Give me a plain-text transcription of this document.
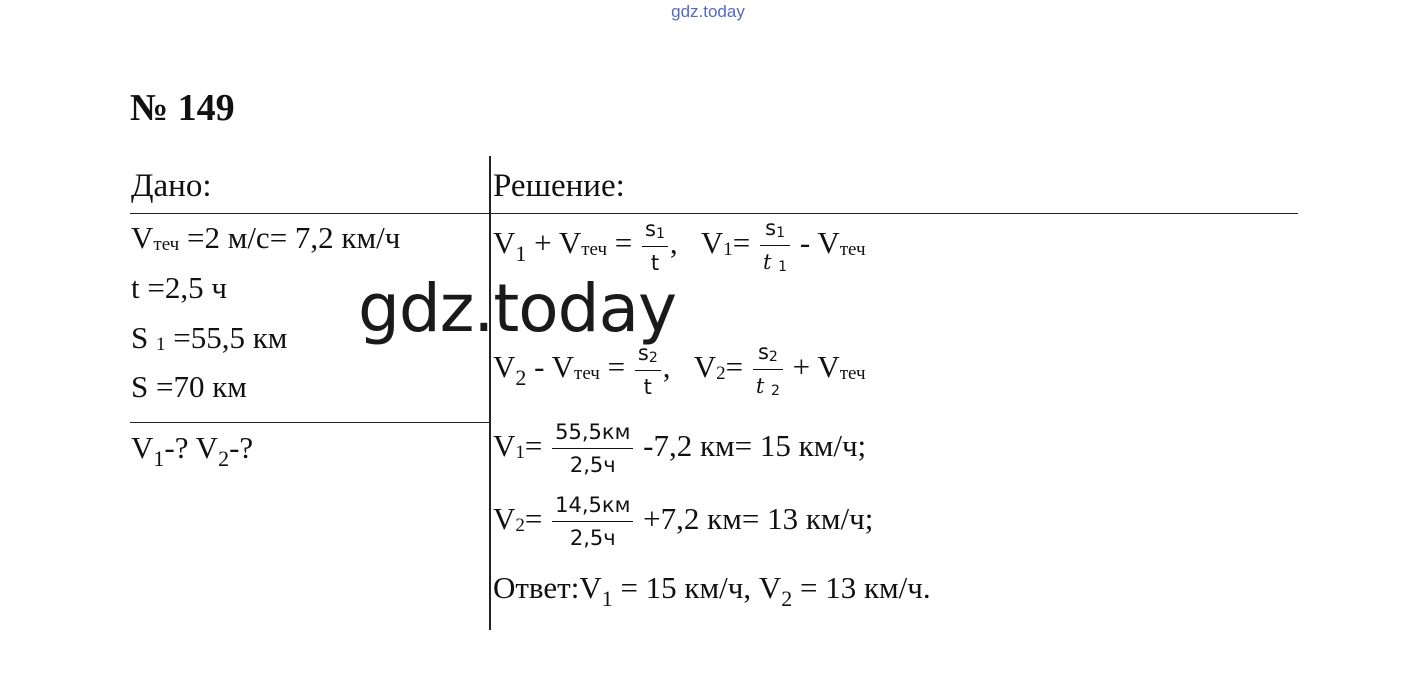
gdz.today
№ 149
Дано:
Vтеч =2 м/с= 7,2 км/ч
t =2,5 ч
S 1 =55,5 км
S =70 км
$V_1-$? $V_2-$?
Решение:
$V_1$ + Vтеч = $\frac{s1}{t}$ , $V1= \frac{s1}{t 1}$ - Vтеч
$V_2$ - Vтеч = $\frac{s2}{t}$ , $V2= \frac{s2}{t 2}$ + Vтеч
$V1= \frac{55,5км}{2,5ч} -7,2$ км= 15 км/ч;
$V2= \frac{14,5км}{2,5ч} +7,2$ км= 13 км/ч;
$Ответ:V_1 = 15$ км/ч, $V_2 = 13$ км/ч.
gdz.today
